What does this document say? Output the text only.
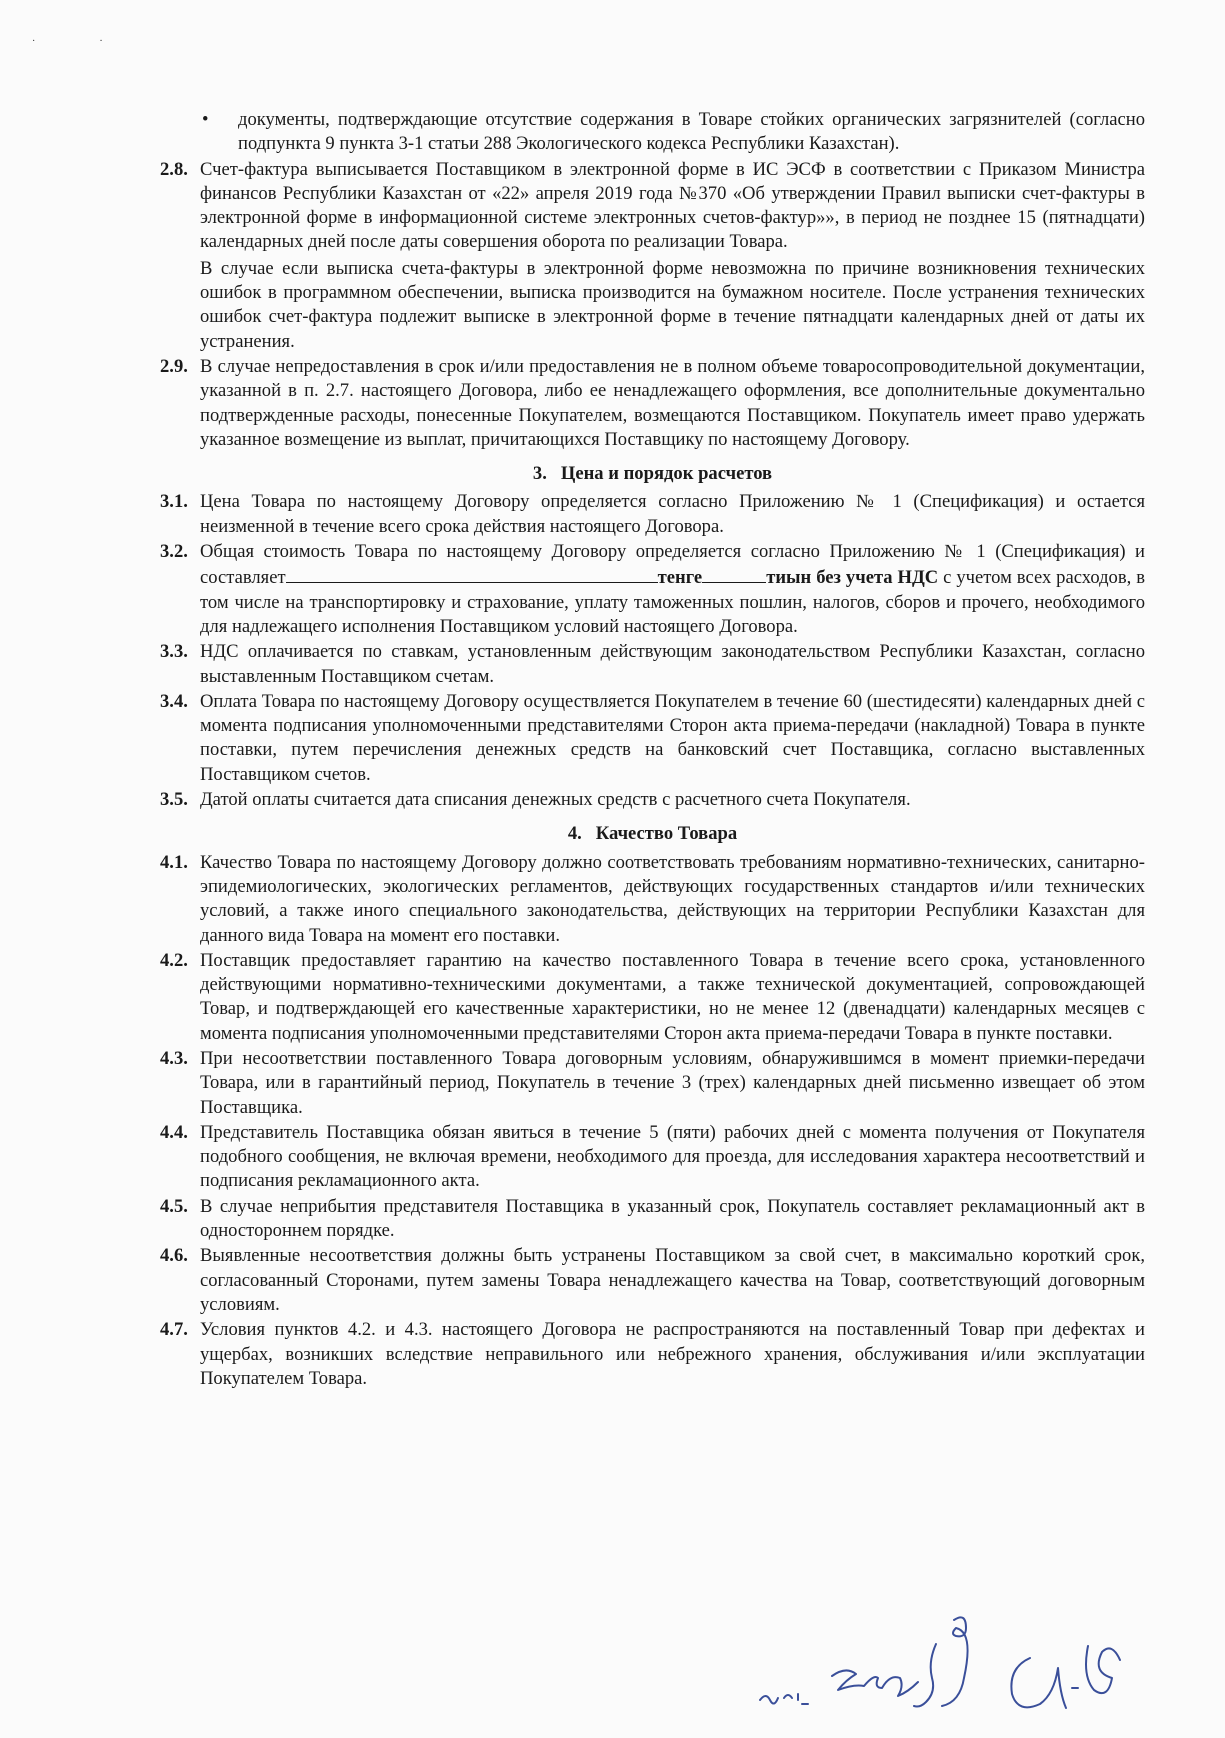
·	·
• документы, подтверждающие отсутствие содержания в Товаре стойких органических загрязнителей (согласно подпункта 9 пункта 3-1 статьи 288 Экологического кодекса Республики Казахстан).
2.8. Счет-фактура выписывается Поставщиком в электронной форме в ИС ЭСФ в соответствии с Приказом Министра финансов Республики Казахстан от «22» апреля 2019 года №370 «Об утверждении Правил выписки счет-фактуры в электронной форме в информационной системе электронных счетов-фактур»», в период не позднее 15 (пятнадцати) календарных дней после даты совершения оборота по реализации Товара.

В случае если выписка счета-фактуры в электронной форме невозможна по причине возникновения технических ошибок в программном обеспечении, выписка производится на бумажном носителе. После устранения технических ошибок счет-фактура подлежит выписке в электронной форме в течение пятнадцати календарных дней от даты их устранения.

2.9. В случае непредоставления в срок и/или предоставления не в полном объеме товаросопроводительной документации, указанной в п. 2.7. настоящего Договора, либо ее ненадлежащего оформления, все дополнительные документально подтвержденные расходы, понесенные Покупателем, возмещаются Поставщиком. Покупатель имеет право удержать указанное возмещение из выплат, причитающихся Поставщику по настоящему Договору.

3. Цена и порядок расчетов
3.1. Цена Товара по настоящему Договору определяется согласно Приложению № 1 (Спецификация) и остается неизменной в течение всего срока действия настоящего Договора.

3.2. Общая стоимость Товара по настоящему Договору определяется согласно Приложению № 1 (Спецификация) и составляет	тенге	тиын без учета НДС с учетом всех расходов, в том числе на транспортировку и страхование, уплату таможенных пошлин, налогов, сборов и прочего, необходимого для надлежащего исполнения Поставщиком условий настоящего Договора.

3.3. НДС оплачивается по ставкам, установленным действующим законодательством Республики Казахстан, согласно выставленным Поставщиком счетам.

3.4. Оплата Товара по настоящему Договору осуществляется Покупателем в течение 60 (шестидесяти) календарных дней с момента подписания уполномоченными представителями Сторон акта приема-передачи (накладной) Товара в пункте поставки, путем перечисления денежных средств на банковский счет Поставщика, согласно выставленных Поставщиком счетов.

3.5. Датой оплаты считается дата списания денежных средств с расчетного счета Покупателя.

4. Качество Товара
4.1. Качество Товара по настоящему Договору должно соответствовать требованиям нормативно-технических, санитарно-эпидемиологических, экологических регламентов, действующих государственных стандартов и/или технических условий, а также иного специального законодательства, действующих на территории Республики Казахстан для данного вида Товара на момент его поставки.

4.2. Поставщик предоставляет гарантию на качество поставленного Товара в течение всего срока, установленного действующими нормативно-техническими документами, а также технической документацией, сопровождающей Товар, и подтверждающей его качественные характеристики, но не менее 12 (двенадцати) календарных месяцев с момента подписания уполномоченными представителями Сторон акта приема-передачи Товара в пункте поставки.

4.3. При несоответствии поставленного Товара договорным условиям, обнаружившимся в момент приемки-передачи Товара, или в гарантийный период, Покупатель в течение 3 (трех) календарных дней письменно извещает об этом Поставщика.

4.4. Представитель Поставщика обязан явиться в течение 5 (пяти) рабочих дней с момента получения от Покупателя подобного сообщения, не включая времени, необходимого для проезда, для исследования характера несоответствий и подписания рекламационного акта.

4.5. В случае неприбытия представителя Поставщика в указанный срок, Покупатель составляет рекламационный акт в одностороннем порядке.

4.6. Выявленные несоответствия должны быть устранены Поставщиком за свой счет, в максимально короткий срок, согласованный Сторонами, путем замены Товара ненадлежащего качества на Товар, соответствующий договорным условиям.

4.7. Условия пунктов 4.2. и 4.3. настоящего Договора не распространяются на поставленный Товар при дефектах и ущербах, возникших вследствие неправильного или небрежного хранения, обслуживания и/или эксплуатации Покупателем Товара.
